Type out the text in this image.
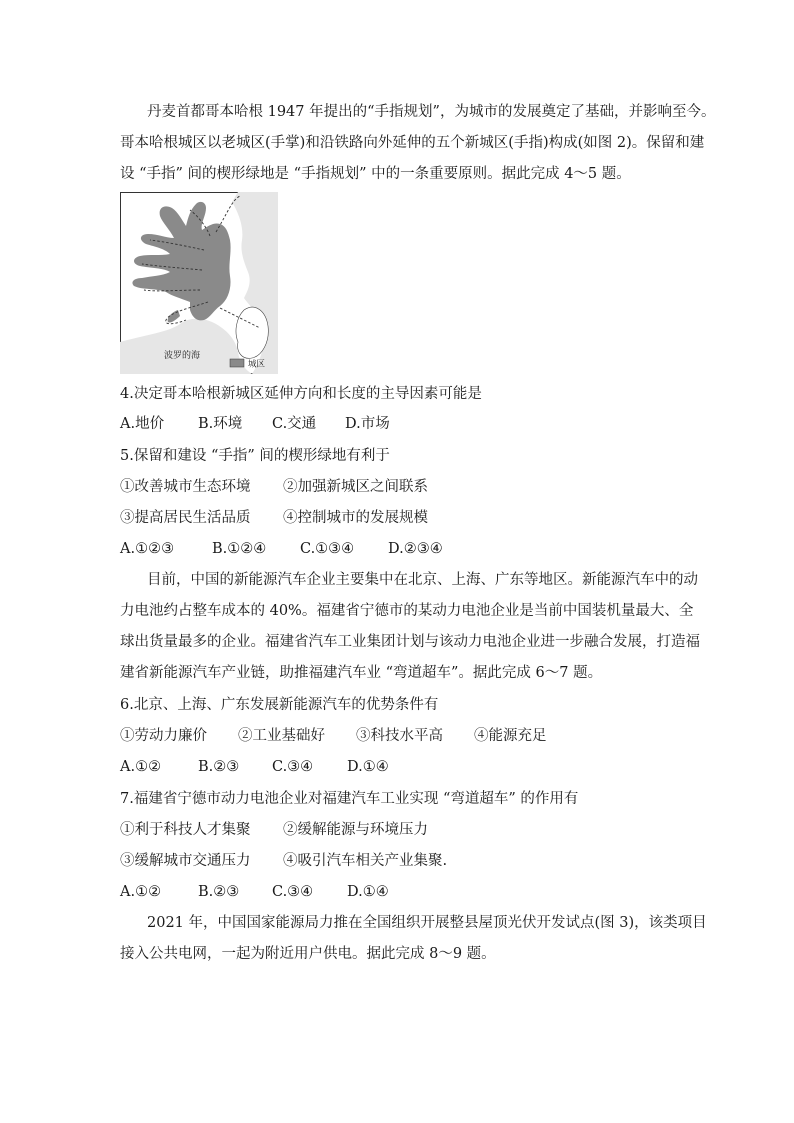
丹麦首都哥本哈根 1947 年提出的“手指规划”，为城市的发展奠定了基础，并影响至今。
哥本哈根城区以老城区(手掌)和沿铁路向外延伸的五个新城区(手指)构成(如图 2)。保留和建
设 “手指” 间的楔形绿地是 “手指规划” 中的一条重要原则。据此完成 4～5 题。
波罗的海
城区
4.决定哥本哈根新城区延伸方向和长度的主导因素可能是
A.地价 B.环境 C.交通 D.市场
5.保留和建设 “手指” 间的楔形绿地有利于
①改善城市生态环境 ②加强新城区之间联系
③提高居民生活品质 ④控制城市的发展规模
A.①②③	B.①②④ C.①③④ D.②③④
目前，中国的新能源汽车企业主要集中在北京、上海、广东等地区。新能源汽车中的动
力电池约占整车成本的 40%。福建省宁德市的某动力电池企业是当前中国装机量最大、全
球出货量最多的企业。福建省汽车工业集团计划与该动力电池企业进一步融合发展，打造福
建省新能源汽车产业链，助推福建汽车业 “弯道超车”。据此完成 6～7 题。
6.北京、上海、广东发展新能源汽车的优势条件有
①劳动力廉价 ②工业基础好 ③科技水平高 ④能源充足
A.①②	B.②③ C.③④ D.①④
7.福建省宁德市动力电池企业对福建汽车工业实现 “弯道超车” 的作用有
①利于科技人才集聚 ②缓解能源与环境压力
③缓解城市交通压力 ④吸引汽车相关产业集聚.
A.①②	B.②③ C.③④ D.①④
2021 年，中国国家能源局力推在全国组织开展整县屋顶光伏开发试点(图 3)，该类项目
接入公共电网，一起为附近用户供电。据此完成 8～9 题。
